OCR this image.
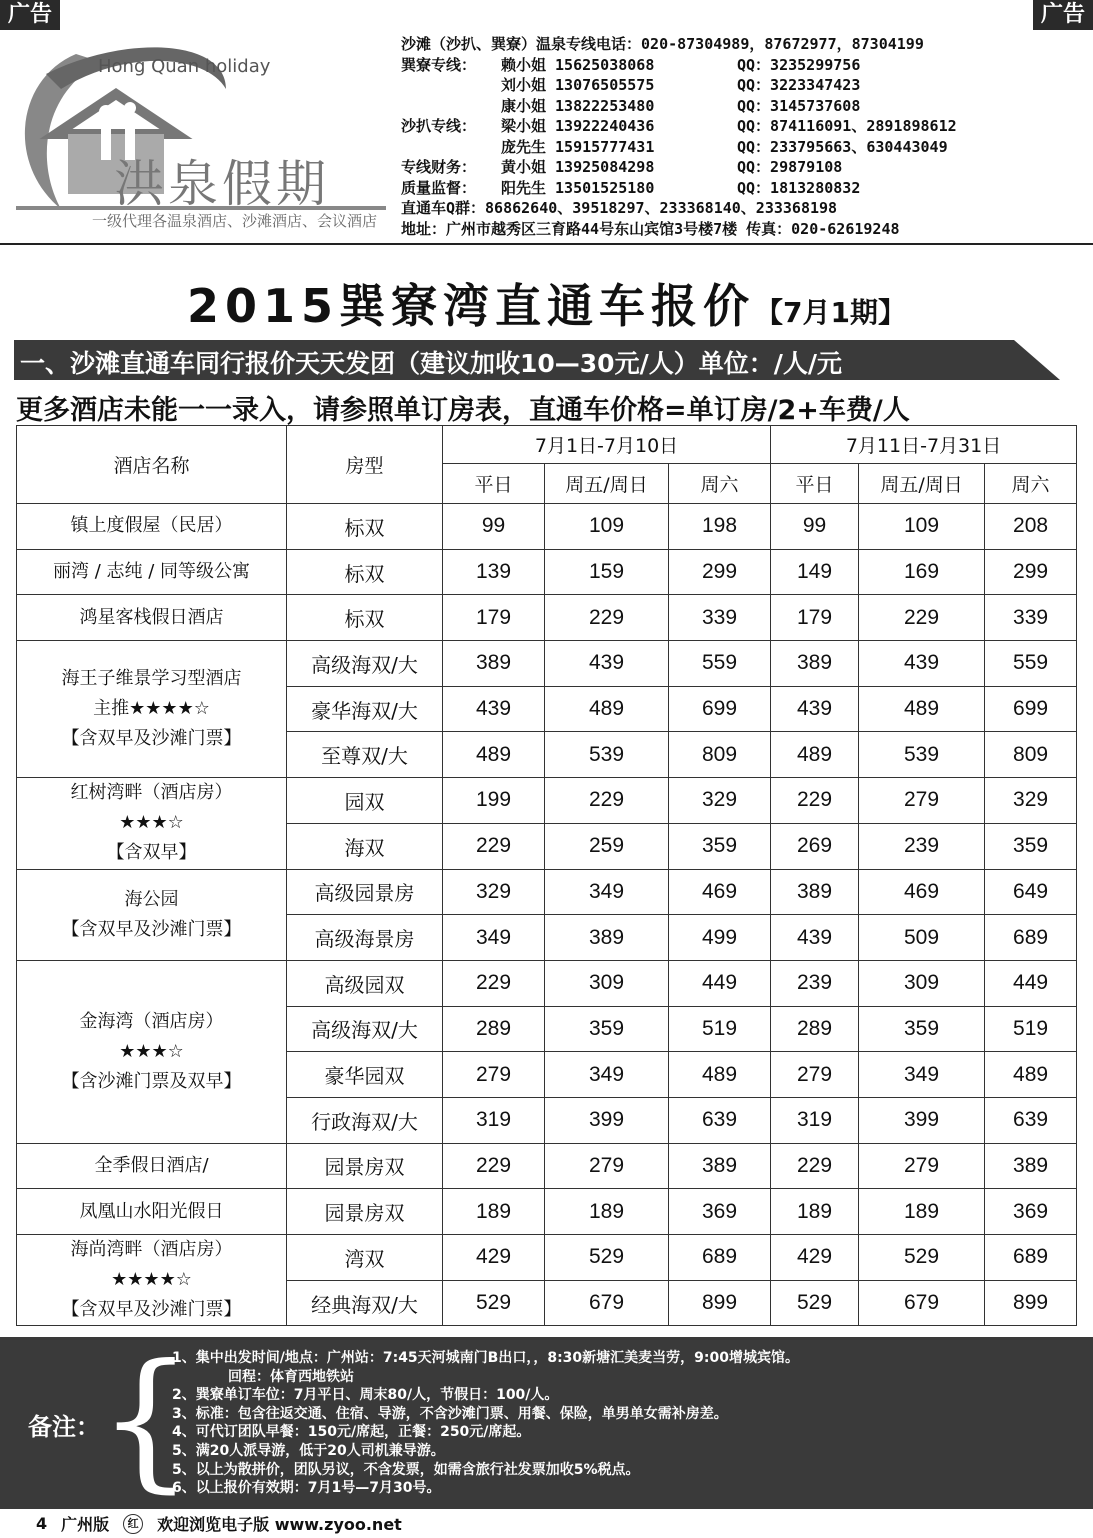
广告	广告
Hong Quan holiday
洪泉假期
一级代理各温泉酒店、沙滩酒店、会议酒店
沙滩（沙扒、巽寮）温泉专线电话：020-87304989，87672977，87304199
巽寮专线：	赖小姐 15625038068	QQ：3235299756
刘小姐 13076505575	QQ：3223347423
康小姐 13822253480	QQ：3145737608
沙扒专线：	梁小姐 13922240436	QQ：874116091、2891898612
庞先生 15915777431	QQ：233795663、630443049
专线财务：	黄小姐 13925084298	QQ：29879108
质量监督：	阳先生 13501525180	QQ：1813280832
直通车Q群：86862640、39518297、233368140、233368198
地址：广州市越秀区三育路44号东山宾馆3号楼7楼 传真：020-62619248
2015巽寮湾直通车报价【7月1期】
一、沙滩直通车同行报价天天发团（建议加收10—30元/人）单位：/人/元
更多酒店未能一一录入，请参照单订房表，直通车价格=单订房/2+车费/人
酒店名称	房型	7月1日-7月10日			7月11日-7月31日		
		平日	周五/周日	周六	平日	周五/周日	周六

镇上度假屋（民居）	标双	99	109	198	99	109	208

丽湾 / 志纯 / 同等级公寓	标双	139	159	299	149	169	299

鸿星客栈假日酒店	标双	179	229	339	179	229	339

海王子维景学习型酒店
主推★★★★☆
【含双早及沙滩门票】	高级海双/大	389	439	559	389	439	559
	豪华海双/大	439	489	699	439	489	699
	至尊双/大	489	539	809	489	539	809

红树湾畔（酒店房）
★★★☆
【含双早】	园双	199	229	329	229	279	329
	海双	229	259	359	269	239	359

海公园
【含双早及沙滩门票】	高级园景房	329	349	469	389	469	649
	高级海景房	349	389	499	439	509	689

金海湾（酒店房）
★★★☆
【含沙滩门票及双早】	高级园双	229	309	449	239	309	449
	高级海双/大	289	359	519	289	359	519
	豪华园双	279	349	489	279	349	489
	行政海双/大	319	399	639	319	399	639

全季假日酒店/	园景房双	229	279	389	229	279	389

凤凰山水阳光假日	园景房双	189	189	369	189	189	369

海尚湾畔（酒店房）
★★★★☆
【含双早及沙滩门票】	湾双	429	529	689	429	529	689
	经典海双/大	529	679	899	529	679	899
备注：
{
1、集中出发时间/地点：广州站：7:45天河城南门B出口，，8:30新塘汇美麦当劳，9:00增城宾馆。
　　　　回程：体育西地铁站
2、巽寮单订车位：7月平日、周末80/人，节假日：100/人。
3、标准：包含往返交通、住宿、导游，不含沙滩门票、用餐、保险，单男单女需补房差。
4、可代订团队早餐：150元/席起，正餐：250元/席起。
5、满20人派导游，低于20人司机兼导游。
5、以上为散拼价，团队另议，不含发票，如需含旅行社发票加收5%税点。
6、以上报价有效期：7月1号—7月30号。
4 广州版	红 欢迎浏览电子版 www.zyoo.net
